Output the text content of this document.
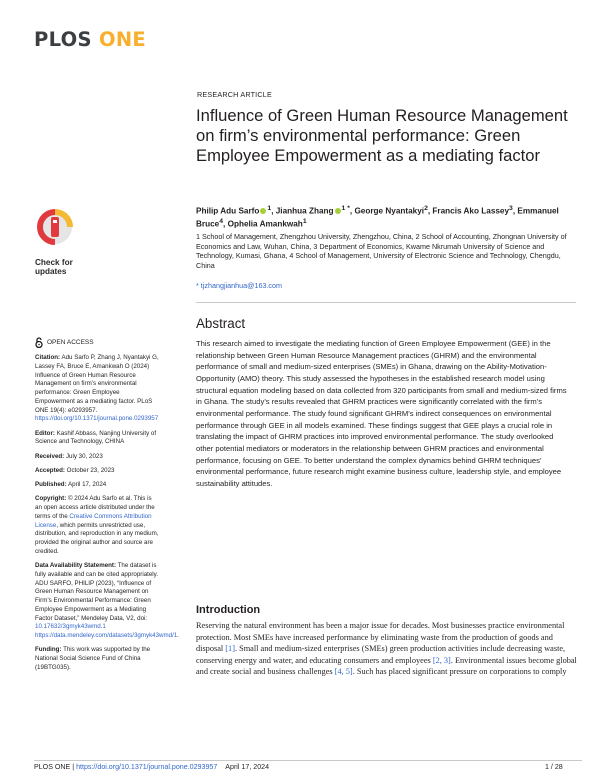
PLOS ONE
Check for
updates
OPEN ACCESS

Citation: Adu Sarfo P, Zhang J, Nyantakyi G, Lassey FA, Bruce E, Amankwah O (2024) Influence of Green Human Resource Management on firm’s environmental performance: Green Employee Empowerment as a mediating factor. PLoS ONE 19(4): e0293957. https://doi.org/10.1371/journal.pone.0293957

Editor: Kashif Abbass, Nanjing University of Science and Technology, CHINA

Received: July 30, 2023

Accepted: October 23, 2023

Published: April 17, 2024

Copyright: © 2024 Adu Sarfo et al. This is an open access article distributed under the terms of the Creative Commons Attribution License, which permits unrestricted use, distribution, and reproduction in any medium, provided the original author and source are credited.

Data Availability Statement: The dataset is fully available and can be cited appropriately. ADU SARFO, PHILIP (2023), “Influence of Green Human Resource Management on Firm’s Environmental Performance: Green Employee Empowerment as a Mediating Factor Dataset,” Mendeley Data, V2, doi: 10.17632/3gmyk43wmd.1 https://data.mendeley.com/datasets/3gmyk43wmd/1.

Funding: This work was supported by the National Social Science Fund of China (19BTG035).

RESEARCH ARTICLE
Influence of Green Human Resource Management on firm’s environmental performance: Green Employee Empowerment as a mediating factor
Philip Adu Sarfo $^1$, Jianhua Zhang $^{1 *}$, George Nyantakyi$^2$, Francis Ako Lassey$^3$, Emmanuel Bruce$^4$, Ophelia Amankwah$^1$
1 School of Management, Zhengzhou University, Zhengzhou, China, 2 School of Accounting, Zhongnan University of Economics and Law, Wuhan, China, 3 Department of Economics, Kwame Nkrumah University of Science and Technology, Kumasi, Ghana, 4 School of Management, University of Electronic Science and Technology, Chengdu, China
* tjzhangjianhua@163.com
Abstract
This research aimed to investigate the mediating function of Green Employee Empowerment (GEE) in the relationship between Green Human Resource Management practices (GHRM) and the environmental performance of small and medium-sized enterprises (SMEs) in Ghana, drawing on the Ability-Motivation-Opportunity (AMO) theory. This study assessed the hypotheses in the established research model using structural equation modeling based on data collected from 320 participants from small and medium-sized firms in Ghana. The study’s results revealed that GHRM practices were significantly correlated with the firm’s environmental performance. The study found significant GHRM’s indirect consequences on environmental performance through GEE in all models examined. These findings suggest that GEE plays a crucial role in translating the impact of GHRM practices into improved environmental performance. The study overlooked other potential mediators or moderators in the relationship between GHRM practices and environmental performance, focusing on GEE. To better understand the complex dynamics behind GHRM techniques’ environmental performance, future research might examine business culture, leadership style, and employee sustainability attitudes.
Introduction
Reserving the natural environment has been a major issue for decades. Most businesses practice environmental protection. Most SMEs have increased performance by eliminating waste from the production of goods and disposal [1]. Small and medium-sized enterprises (SMEs) green production activities include decreasing waste, conserving energy and water, and educating consumers and employees [2, 3]. Environmental issues become global and create social and business challenges [4, 5]. Such has placed significant pressure on corporations to comply
PLOS ONE | https://doi.org/10.1371/journal.pone.0293957 April 17, 2024	1 / 28
